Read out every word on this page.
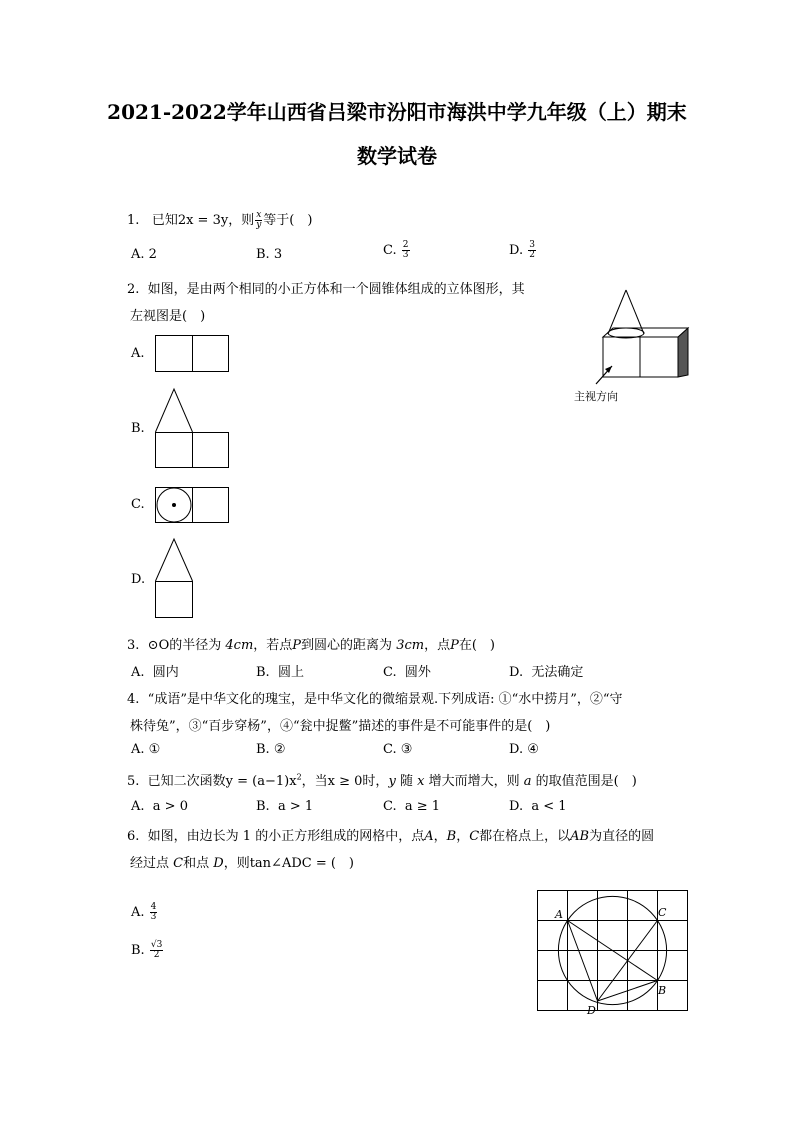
2021-2022学年山西省吕梁市汾阳市海洪中学九年级（上）期末
数学试卷
1. 已知2x = 3y，则 $\frac{x}{y}$ 等于(　)
A. 2	B. 3	C. $\frac{2}{3}$	D. $\frac{3}{2}$
2. 如图，是由两个相同的小正方体和一个圆锥体组成的立体图形，其
左视图是(　)
主视方向
A.
B.
C.
D.
3. ⊙O的半径为 4cm，若点P到圆心的距离为 3cm，点P在(　)
A. 圆内	B. 圆上	C. 圆外	D. 无法确定
4. “成语”是中华文化的瑰宝，是中华文化的微缩景观.下列成语: ①“水中捞月”，②“守
株待兔”，③“百步穿杨”，④“瓮中捉鳖”描述的事件是不可能事件的是(　)
A. ①	B. ②	C. ③	D. ④
5. 已知二次函数$y = (a-1)x^2$，当x ≥ 0时，y 随 x 增大而增大，则 a 的取值范围是(　)
A. a > 0	B. a > 1	C. a ≥ 1	D. a < 1
6. 如图，由边长为 1 的小正方形组成的网格中，点A，B，C都在格点上，以AB为直径的圆
经过点 C和点 D，则tan∠ADC = (　)
A. $\frac{4}{3}$
B. $\frac{√3}{2}$
A	C
B
D
